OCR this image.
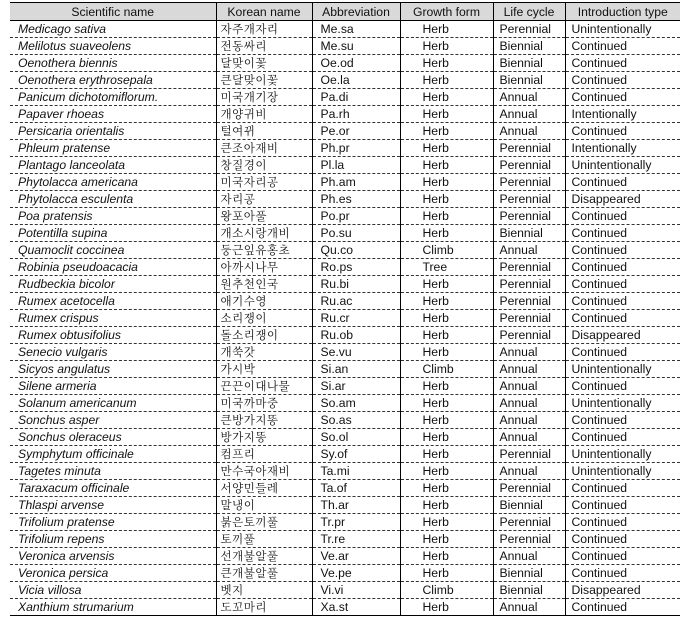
Scientific name	Korean name	Abbreviation	Growth form	Life cycle	Introduction type
Medicago sativa	자주개자리	Me.sa	Herb	Perennial	Unintentionally
Melilotus suaveolens	전동싸리	Me.su	Herb	Biennial	Continued
Oenothera biennis	달맞이꽃	Oe.od	Herb	Biennial	Continued
Oenothera erythrosepala	큰달맞이꽃	Oe.la	Herb	Biennial	Continued
Panicum dichotomiflorum.	미국개기장	Pa.di	Herb	Annual	Continued
Papaver rhoeas	개양귀비	Pa.rh	Herb	Annual	Intentionally
Persicaria orientalis	털여뀌	Pe.or	Herb	Annual	Continued
Phleum pratense	큰조아재비	Ph.pr	Herb	Perennial	Intentionally
Plantago lanceolata	창질경이	Pl.la	Herb	Perennial	Unintentionally
Phytolacca americana	미국자리공	Ph.am	Herb	Perennial	Continued
Phytolacca esculenta	자리공	Ph.es	Herb	Perennial	Disappeared
Poa pratensis	왕포아풀	Po.pr	Herb	Perennial	Continued
Potentilla supina	개소시랑개비	Po.su	Herb	Biennial	Continued
Quamoclit coccinea	둥근잎유홍초	Qu.co	Climb	Annual	Continued
Robinia pseudoacacia	아까시나무	Ro.ps	Tree	Perennial	Continued
Rudbeckia bicolor	원추천인국	Ru.bi	Herb	Perennial	Continued
Rumex acetocella	애기수영	Ru.ac	Herb	Perennial	Continued
Rumex crispus	소리쟁이	Ru.cr	Herb	Perennial	Continued
Rumex obtusifolius	돌소리쟁이	Ru.ob	Herb	Perennial	Disappeared
Senecio vulgaris	개쑥갓	Se.vu	Herb	Annual	Continued
Sicyos angulatus	가시박	Si.an	Climb	Annual	Unintentionally
Silene armeria	끈끈이대나물	Si.ar	Herb	Annual	Continued
Solanum americanum	미국까마중	So.am	Herb	Annual	Unintentionally
Sonchus asper	큰방가지똥	So.as	Herb	Annual	Continued
Sonchus oleraceus	방가지똥	So.ol	Herb	Annual	Continued
Symphytum officinale	컴프리	Sy.of	Herb	Perennial	Unintentionally
Tagetes minuta	만수국아재비	Ta.mi	Herb	Annual	Unintentionally
Taraxacum officinale	서양민들레	Ta.of	Herb	Perennial	Continued
Thlaspi arvense	말냉이	Th.ar	Herb	Biennial	Continued
Trifolium pratense	붉은토끼풀	Tr.pr	Herb	Perennial	Continued
Trifolium repens	토끼풀	Tr.re	Herb	Perennial	Continued
Veronica arvensis	선개불알풀	Ve.ar	Herb	Annual	Continued
Veronica persica	큰개불알풀	Ve.pe	Herb	Biennial	Continued
Vicia villosa	벳지	Vi.vi	Climb	Biennial	Disappeared
Xanthium strumarium	도꼬마리	Xa.st	Herb	Annual	Continued
